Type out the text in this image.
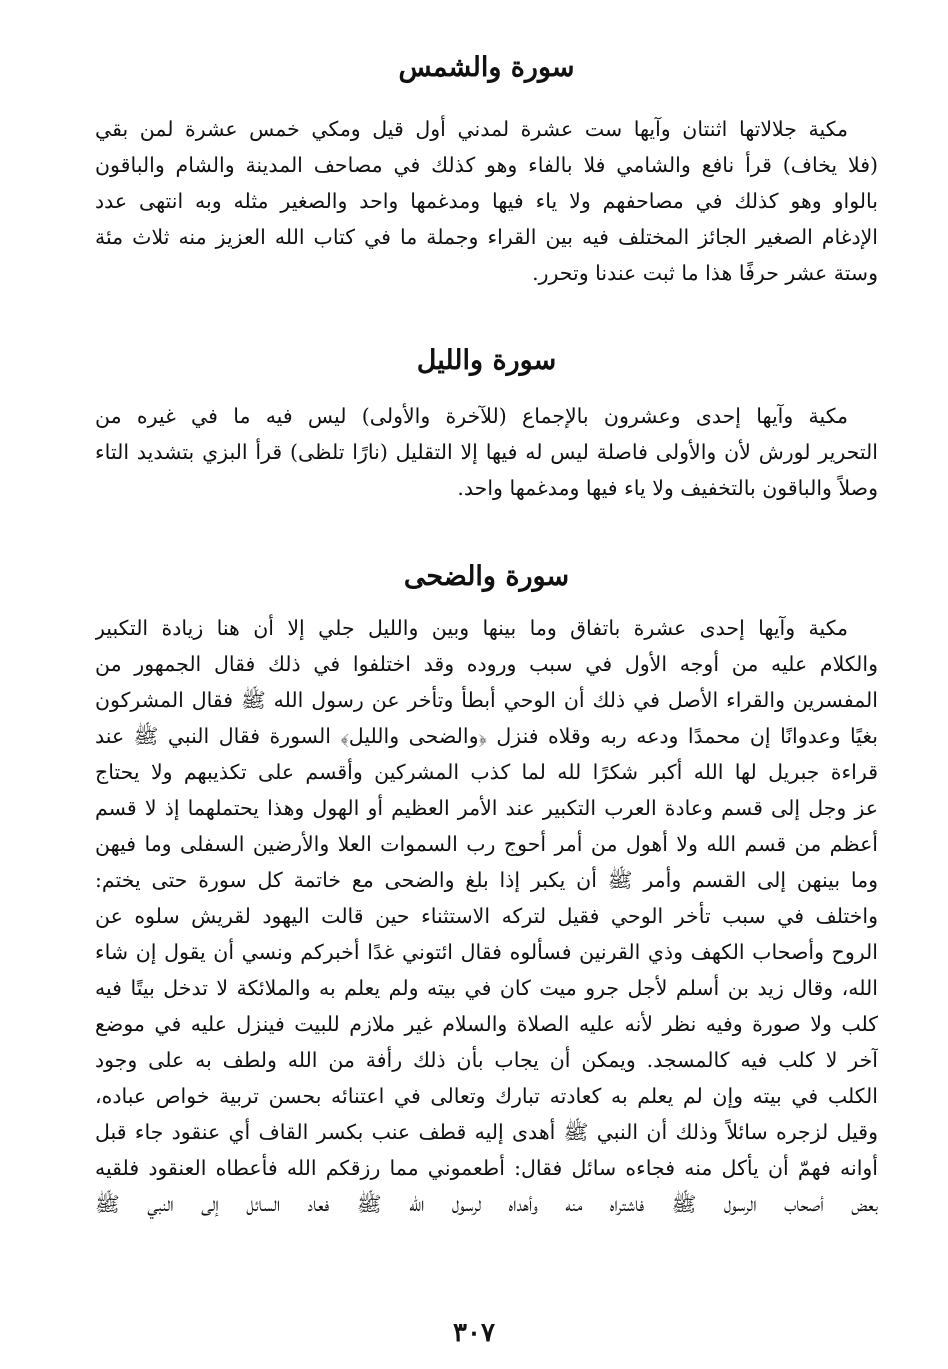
سورة والشمس
مكية جلالاتها اثنتان وآيها ست عشرة لمدني أول قيل ومكي خمس عشرة لمن بقي
(فلا يخاف) قرأ نافع والشامي فلا بالفاء وهو كذلك في مصاحف المدينة والشام والباقون
بالواو وهو كذلك في مصاحفهم ولا ياء فيها ومدغمها واحد والصغير مثله وبه انتهى عدد
الإدغام الصغير الجائز المختلف فيه بين القراء وجملة ما في كتاب الله العزيز منه ثلاث مئة
وستة عشر حرفًا هذا ما ثبت عندنا وتحرر.
سورة والليل
مكية وآيها إحدى وعشرون بالإجماع (للآخرة والأولى) ليس فيه ما في غيره من
التحرير لورش لأن والأولى فاصلة ليس له فيها إلا التقليل (نارًا تلظى) قرأ البزي بتشديد التاء
وصلاً والباقون بالتخفيف ولا ياء فيها ومدغمها واحد.
سورة والضحى
مكية وآيها إحدى عشرة باتفاق وما بينها وبين والليل جلي إلا أن هنا زيادة التكبير
والكلام عليه من أوجه الأول في سبب وروده وقد اختلفوا في ذلك فقال الجمهور من
المفسرين والقراء الأصل في ذلك أن الوحي أبطأ وتأخر عن رسول الله ﷺ فقال المشركون
بغيًا وعدوانًا إن محمدًا ودعه ربه وقلاه فنزل ﴿والضحى والليل﴾ السورة فقال النبي ﷺ عند
قراءة جبريل لها الله أكبر شكرًا لله لما كذب المشركين وأقسم على تكذيبهم ولا يحتاج
عز وجل إلى قسم وعادة العرب التكبير عند الأمر العظيم أو الهول وهذا يحتملهما إذ لا قسم
أعظم من قسم الله ولا أهول من أمر أحوج رب السموات العلا والأرضين السفلى وما فيهن
وما بينهن إلى القسم وأمر ﷺ أن يكبر إذا بلغ والضحى مع خاتمة كل سورة حتى يختم:
واختلف في سبب تأخر الوحي فقيل لتركه الاستثناء حين قالت اليهود لقريش سلوه عن
الروح وأصحاب الكهف وذي القرنين فسألوه فقال ائتوني غدًا أخبركم ونسي أن يقول إن شاء
الله، وقال زيد بن أسلم لأجل جرو ميت كان في بيته ولم يعلم به والملائكة لا تدخل بيتًا فيه
كلب ولا صورة وفيه نظر لأنه عليه الصلاة والسلام غير ملازم للبيت فينزل عليه في موضع
آخر لا كلب فيه كالمسجد. ويمكن أن يجاب بأن ذلك رأفة من الله ولطف به على وجود
الكلب في بيته وإن لم يعلم به كعادته تبارك وتعالى في اعتنائه بحسن تربية خواص عباده،
وقيل لزجره سائلاً وذلك أن النبي ﷺ أهدى إليه قطف عنب بكسر القاف أي عنقود جاء قبل
أوانه فهمّ أن يأكل منه فجاءه سائل فقال: أطعموني مما رزقكم الله فأعطاه العنقود فلقيه
بعض أصحاب الرسول ﷺ فاشتراه منه وأهداه لرسول الله ﷺ فعاد السائل إلى النبي ﷺ
٣٠٧
